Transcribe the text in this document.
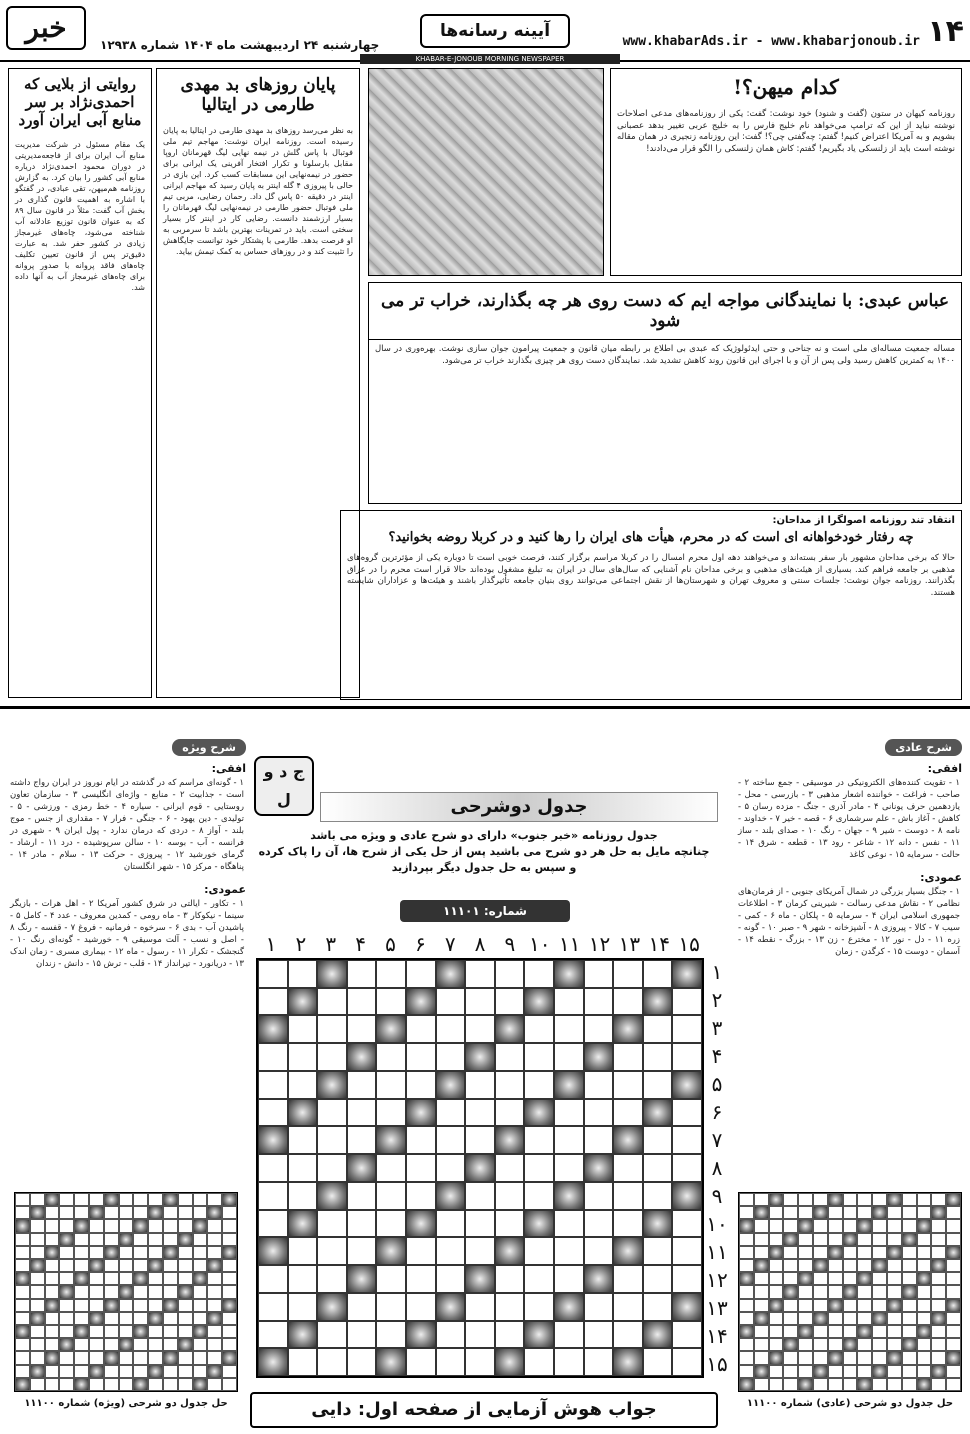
۱۴
www.khabarAds.ir - www.khabarjonoub.ir
آیینه رسانه‌ها
خبر
چهارشنبه ۲۴ اردیبهشت ماه ۱۴۰۴ شماره ۱۲۹۳۸
KHABAR-E-JONOUB MORNING NEWSPAPER
کدام میهن؟!
روزنامه کیهان در ستون (گفت و شنود) خود نوشت: گفت: یکی از روزنامه‌های مدعی اصلاحات نوشته نباید از این که ترامپ می‌خواهد نام خلیج فارس را به خلیج عربی تغییر بدهد عصبانی بشویم و به آمریکا اعتراض کنیم! گفتم: چه‌گفتی چی؟! گفت: این روزنامه زنجیری در همان مقاله نوشته است باید از زلنسکی یاد بگیریم! گفتم: کاش همان زلنسکی را الگو قرار می‌دادند!
پایان روزهای بد مهدی طارمی در ایتالیا
به نظر می‌رسد روزهای بد مهدی طارمی در ایتالیا به پایان رسیده است. روزنامه ایران نوشت: مهاجم تیم ملی فوتبال با پاس گلش در نیمه نهایی لیگ قهرمانان اروپا مقابل بارسلونا و تکرار افتخار آفرینی یک ایرانی برای حضور در نیمه‌نهایی این مسابقات کسب کرد. این بازی در حالی با پیروزی ۴ گله اینتر به پایان رسید که مهاجم ایرانی اینتر در دقیقه ۵۰ پاس گل داد. رحمان رضایی، مربی تیم ملی فوتبال حضور طارمی در نیمه‌نهایی لیگ قهرمانان را بسیار ارزشمند دانست. رضایی کار در اینتر کار بسیار سختی است. باید در تمرینات بهترین باشد تا سرمربی به او فرصت بدهد. طارمی با پشتکار خود توانست جایگاهش را تثبیت کند و در روزهای حساس به کمک تیمش بیاید.
روایتی از بلایی که احمدی‌نژاد بر سر منابع آبی ایران آورد
یک مقام مسئول در شرکت مدیریت منابع آب ایران برای از فاجعه‌مدیریتی در دوران محمود احمدی‌نژاد دریاره منابع آبی کشور را بیان کرد. به گزارش روزنامه هم‌میهن، تقی عبادی، در گفتگو با اشاره به اهمیت قانون گذاری در بخش آب گفت: مثلاً در قانون سال ۸۹ که به عنوان قانون توزیع عادلانه آب شناخته می‌شود، چاه‌های غیرمجاز زیادی در کشور حفر شد. به عبارت دقیق‌تر پس از قانون تعیین تکلیف چاه‌های فاقد پروانه با صدور پروانه برای چاه‌های غیرمجاز آب به آنها داده شد.
عباس عبدی: با نمایندگانی مواجه ایم که دست روی هر چه بگذارند، خراب تر می شود
مساله جمعیت مساله‌ای ملی است و نه جناحی و حتی ایدئولوژیک که عبدی بی اطلاع ‌بر ‌رابطه ‌میان ‌قانون و ‌جمعیت ‌پیرامون ‌جوان ‌سازی ‌نوشت. ‌بهره‌وری ‌در ‌سال ‌۱۴۰۰ ‌به ‌کمترین ‌کاهش ‌رسید ‌ولی ‌پس ‌از ‌آن ‌و ‌با ‌اجرای ‌این ‌قانون ‌روند ‌کاهش ‌تشدید ‌شد. ‌نمایندگان ‌دست ‌روی ‌هر ‌چیزی ‌بگذارند ‌خراب ‌تر ‌می‌شود.
انتقاد تند روزنامه اصولگرا از مداحان:
چه رفتار خودخواهانه ای است که در محرم، هیأت های ایران را رها کنید و در کربلا روضه بخوانید؟
حالا که برخی مداحان مشهور بار سفر بسته‌اند و می‌خواهند دهه اول محرم امسال را در کربلا مراسم برگزار کنند، فرصت خوبی است تا دوباره یکی از مؤثرترین گروه‌های مذهبی بر جامعه فراهم کند. بسیاری از هیئت‌های مذهبی و برخی مداحان نام آشنایی که سال‌های سال در ایران به تبلیغ مشغول بوده‌اند حالا قرار است محرم را در عراق بگذرانند. روزنامه جوان نوشت: جلسات سنتی و معروف تهران و شهرستان‌ها از نقش اجتماعی می‌توانند روی بنیان جامعه تأثیرگذار باشند و هیئت‌ها و عزاداران شایسته هستند.
ج د و ل	جدول دوشرحی
جدول روزنامه «خبر جنوب» دارای دو شرح عادی و ویژه می باشد
چنانچه مایل به حل هر دو شرح می باشید پس از حل یکی از شرح ها، آن را پاک کرده
و سپس به حل جدول دیگر بپردازید
شماره: ۱۱۱۰۱
۱۵
۱۴
۱۳
۱۲
۱۱
۱۰
۹
۸
۷
۶
۵
۴
۳
۲
۱
۱
۲
۳
۴
۵
۶
۷
۸
۹
۱۰
۱۱
۱۲
۱۳
۱۴
۱۵
شرح ویژه
افقی:
۱ - گونه‌ای مراسم که در گذشته در ایام نوروز در ایران رواج داشته است - جذابیت ۲ - منابع - واژه‌ای انگلیسی ۳ - سازمان تعاون روستایی - قوم ایرانی - سیاره ۴ - خط رمزی - ورزشی - ۵ - تولیدی - دین یهود - ۶ - جنگی - فرار ۷ - مقداری از جنس - موج بلند - آواز ۸ - دردی که درمان ندارد - پول ایران ۹ - شهری در فرانسه - آب - بوسه ۱۰ - سالن سرپوشیده - درد ۱۱ - ارشاد - گرمای خورشید ۱۲ - پیروزی - حرکت ۱۳ - سلام - مادر ۱۴ - پناهگاه - مرکز ۱۵ - شهر انگلستان
عمودی:
۱ - تکاور - ایالتی در شرق کشور آمریکا ۲ - اهل هرات - بازیگر سینما - نیکوکار ۳ - ماه رومی - کمدین معروف - عدد ۴ - کامل ۵ - پاشیدن آب - بدی ۶ - سرخوه - فرمانیه - فروغ ۷ - قفسه - رنگ ۸ - اصل و نسب - آلت موسیقی ۹ - خورشید - گونه‌ای رنگ ۱۰ - گنجشک - تکرار ۱۱ - رسول - ماه ۱۲ - بیماری مسری - زمان اندک ۱۳ - دریانورد - تیرانداز ۱۴ - قلب - ترش ۱۵ - دانش - زندان
شرح عادی
افقی:
۱ - تقویت کننده‌های الکترونیکی در موسیقی - جمع ساخته ۲ - صاحب - فراغت - خواننده اشعار مذهبی ۳ - بازرسی - محل - یازدهمین حرف یونانی ۴ - مادر آذری - جنگ - مزده رسان ۵ - کاهش - آغاز باش - علم سرشماری ۶ - قصه - خیر ۷ - خداوند - نامه ۸ - دوست - شیر ۹ - جهان - رنگ ۱۰ - صدای بلند - ساز ۱۱ - نفس - دانه ۱۲ - شاعر - رود ۱۳ - قطعه - شرق ۱۴ - حالت - سرمایه ۱۵ - نوعی کاغذ
عمودی:
۱ - جنگل بسیار بزرگی در شمال آمریکای جنوبی - از فرمان‌های نظامی ۲ - نقاش مدعی رسالت - شیرینی کرمان ۳ - اطلاعات جمهوری اسلامی ایران ۴ - سرمایه ۵ - پلکان - ماه ۶ - کمی - سیب ۷ - کالا - پیروزی ۸ - آشپزخانه - شهر ۹ - صبر ۱۰ - گونه - زره ۱۱ - دل - نور ۱۲ - مخترع - زن ۱۳ - بزرگ - نقطه ۱۴ - آسمان - دوست ۱۵ - کرگدن - زمان
حل جدول دو شرحی (ویژه) شماره ۱۱۱۰۰	حل جدول دو شرحی (عادی) شماره ۱۱۱۰۰
جواب هوش آزمایی از صفحه اول: دایی
